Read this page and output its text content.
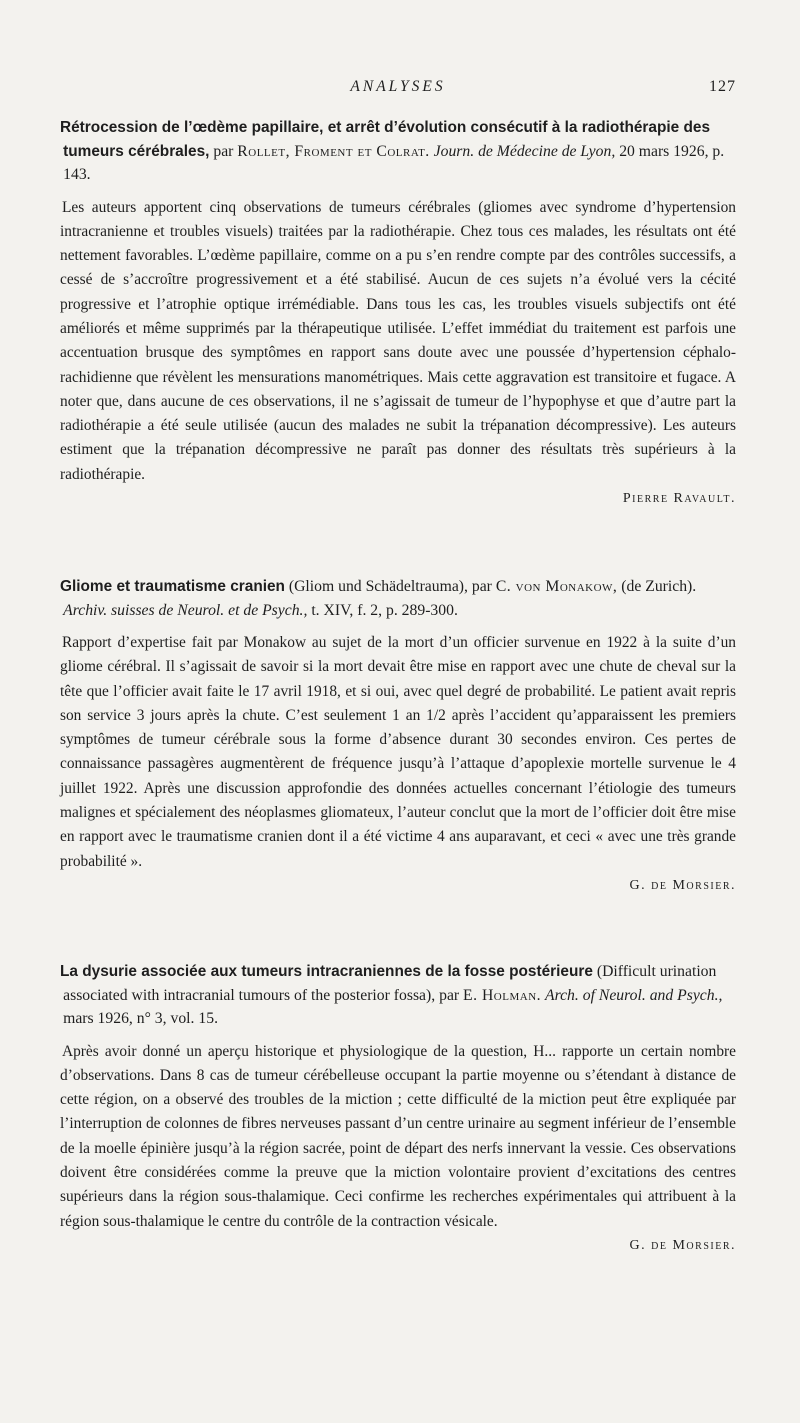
ANALYSES	127

Rétrocession de l’œdème papillaire, et arrêt d’évolution consécutif à la radiothérapie des tumeurs cérébrales, par Rollet, Froment et Colrat. Journ. de Médecine de Lyon, 20 mars 1926, p. 143.

Les auteurs apportent cinq observations de tumeurs cérébrales (gliomes avec syndrome d’hypertension intracranienne et troubles visuels) traitées par la radiothérapie. Chez tous ces malades, les résultats ont été nettement favorables. L’œdème papillaire, comme on a pu s’en rendre compte par des contrôles successifs, a cessé de s’accroître progressivement et a été stabilisé. Aucun de ces sujets n’a évolué vers la cécité progressive et l’atrophie optique irrémédiable. Dans tous les cas, les troubles visuels subjectifs ont été améliorés et même supprimés par la thérapeutique utilisée. L’effet immédiat du traitement est parfois une accentuation brusque des symptômes en rapport sans doute avec une poussée d’hypertension céphalo-rachidienne que révèlent les mensurations manométriques. Mais cette aggravation est transitoire et fugace. A noter que, dans aucune de ces observations, il ne s’agissait de tumeur de l’hypophyse et que d’autre part la radiothérapie a été seule utilisée (aucun des malades ne subit la trépanation décompressive). Les auteurs estiment que la trépanation décompressive ne paraît pas donner des résultats très supérieurs à la radiothérapie.

Pierre Ravault.

Gliome et traumatisme cranien (Gliom und Schädeltrauma), par C. von Monakow, (de Zurich). Archiv. suisses de Neurol. et de Psych., t. XIV, f. 2, p. 289-300.

Rapport d’expertise fait par Monakow au sujet de la mort d’un officier survenue en 1922 à la suite d’un gliome cérébral. Il s’agissait de savoir si la mort devait être mise en rapport avec une chute de cheval sur la tête que l’officier avait faite le 17 avril 1918, et si oui, avec quel degré de probabilité. Le patient avait repris son service 3 jours après la chute. C’est seulement 1 an 1/2 après l’accident qu’apparaissent les premiers symptômes de tumeur cérébrale sous la forme d’absence durant 30 secondes environ. Ces pertes de connaissance passagères augmentèrent de fréquence jusqu’à l’attaque d’apoplexie mortelle survenue le 4 juillet 1922. Après une discussion approfondie des données actuelles concernant l’étiologie des tumeurs malignes et spécialement des néoplasmes gliomateux, l’auteur conclut que la mort de l’officier doit être mise en rapport avec le traumatisme cranien dont il a été victime 4 ans auparavant, et ceci « avec une très grande probabilité ».

G. de Morsier.

La dysurie associée aux tumeurs intracraniennes de la fosse postérieure (Difficult urination associated with intracranial tumours of the posterior fossa), par E. Holman. Arch. of Neurol. and Psych., mars 1926, n° 3, vol. 15.

Après avoir donné un aperçu historique et physiologique de la question, H... rapporte un certain nombre d’observations. Dans 8 cas de tumeur cérébelleuse occupant la partie moyenne ou s’étendant à distance de cette région, on a observé des troubles de la miction ; cette difficulté de la miction peut être expliquée par l’interruption de colonnes de fibres nerveuses passant d’un centre urinaire au segment inférieur de l’ensemble de la moelle épinière jusqu’à la région sacrée, point de départ des nerfs innervant la vessie. Ces observations doivent être considérées comme la preuve que la miction volontaire provient d’excitations des centres supérieurs dans la région sous-thalamique. Ceci confirme les recherches expérimentales qui attribuent à la région sous-thalamique le centre du contrôle de la contraction vésicale.

G. de Morsier.
